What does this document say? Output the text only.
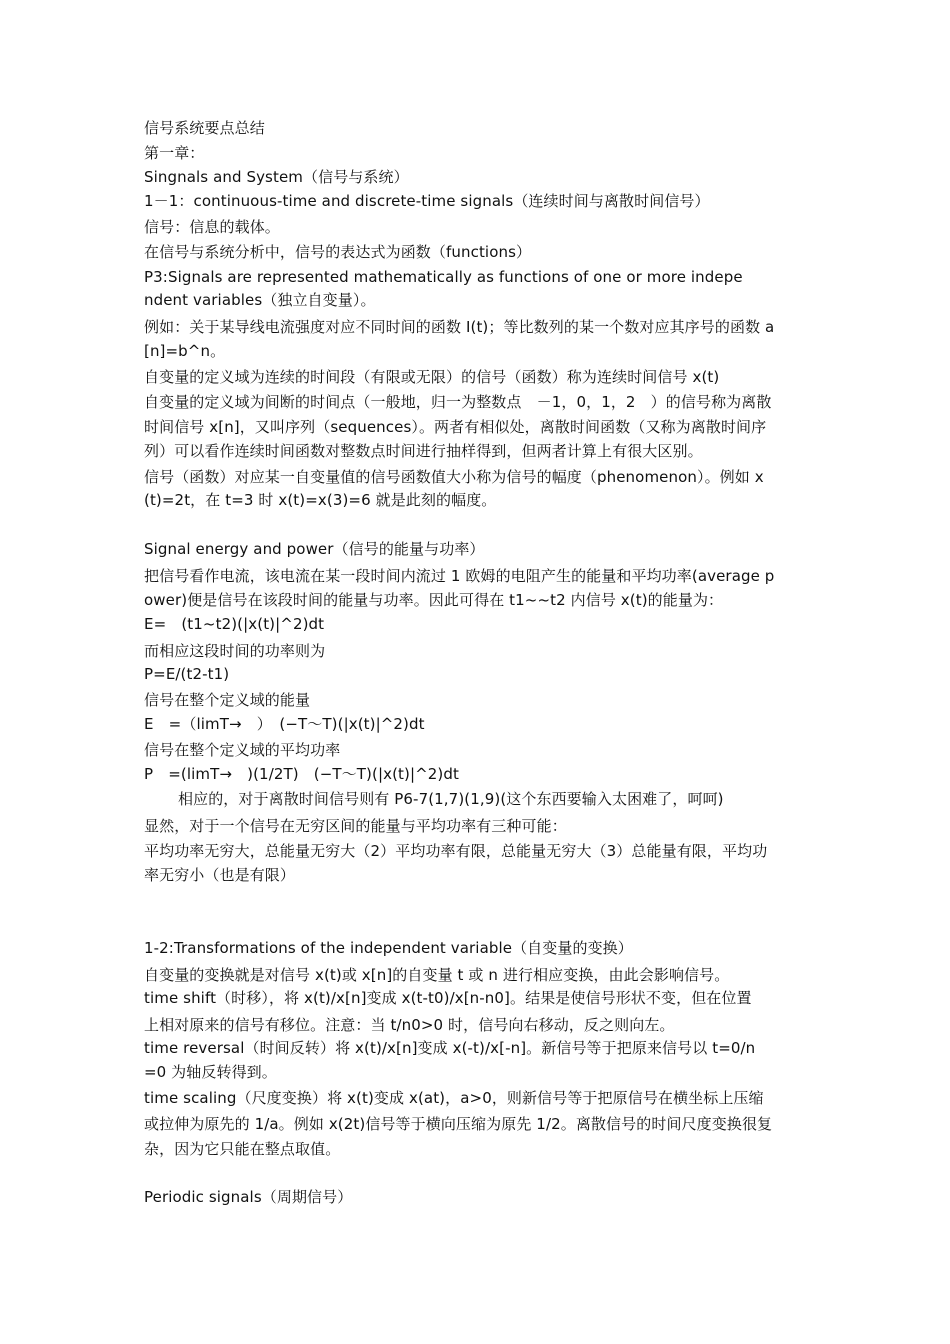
信号系统要点总结
第一章：
Singnals and System（信号与系统）
1－1：continuous-time and discrete-time signals（连续时间与离散时间信号）
信号：信息的载体。
在信号与系统分析中，信号的表达式为函数（functions）
P3:Signals are represented mathematically as functions of one or more indepe
ndent variables（独立自变量）。
例如：关于某导线电流强度对应不同时间的函数 I(t)；等比数列的某一个数对应其序号的函数 a
[n]=b^n。
自变量的定义域为连续的时间段（有限或无限）的信号（函数）称为连续时间信号 x(t)
自变量的定义域为间断的时间点（一般地，归一为整数点　－1，0，1，2　）的信号称为离散
时间信号 x[n]，又叫序列（sequences）。两者有相似处，离散时间函数（又称为离散时间序
列）可以看作连续时间函数对整数点时间进行抽样得到，但两者计算上有很大区别。
信号（函数）对应某一自变量值的信号函数值大小称为信号的幅度（phenomenon）。例如 x
(t)=2t，在 t=3 时 x(t)=x(3)=6 就是此刻的幅度。
Signal energy and power（信号的能量与功率）
把信号看作电流，该电流在某一段时间内流过 1 欧姆的电阻产生的能量和平均功率(average p
ower)便是信号在该段时间的能量与功率。因此可得在 t1~~t2 内信号 x(t)的能量为：
E=　(t1~t2)(|x(t)|^2)dt
而相应这段时间的功率则为
P=E/(t2-t1)
信号在整个定义域的能量
E　=（limT→　）　(−T～T)(|x(t)|^2)dt
信号在整个定义域的平均功率
P　=(limT→　)(1/2T)　(−T～T)(|x(t)|^2)dt
相应的，对于离散时间信号则有 P6-7(1,7)(1,9)(这个东西要输入太困难了，呵呵)
显然，对于一个信号在无穷区间的能量与平均功率有三种可能：
平均功率无穷大，总能量无穷大（2）平均功率有限，总能量无穷大（3）总能量有限，平均功
率无穷小（也是有限）
1-2:Transformations of the independent variable（自变量的变换）
自变量的变换就是对信号 x(t)或 x[n]的自变量 t 或 n 进行相应变换，由此会影响信号。
time shift（时移），将 x(t)/x[n]变成 x(t-t0)/x[n-n0]。结果是使信号形状不变，但在位置
上相对原来的信号有移位。注意：当 t/n0>0 时，信号向右移动，反之则向左。
time reversal（时间反转）将 x(t)/x[n]变成 x(-t)/x[-n]。新信号等于把原来信号以 t=0/n
=0 为轴反转得到。
time scaling（尺度变换）将 x(t)变成 x(at)，a>0，则新信号等于把原信号在横坐标上压缩
或拉伸为原先的 1/a。例如 x(2t)信号等于横向压缩为原先 1/2。离散信号的时间尺度变换很复
杂，因为它只能在整点取值。
Periodic signals（周期信号）
